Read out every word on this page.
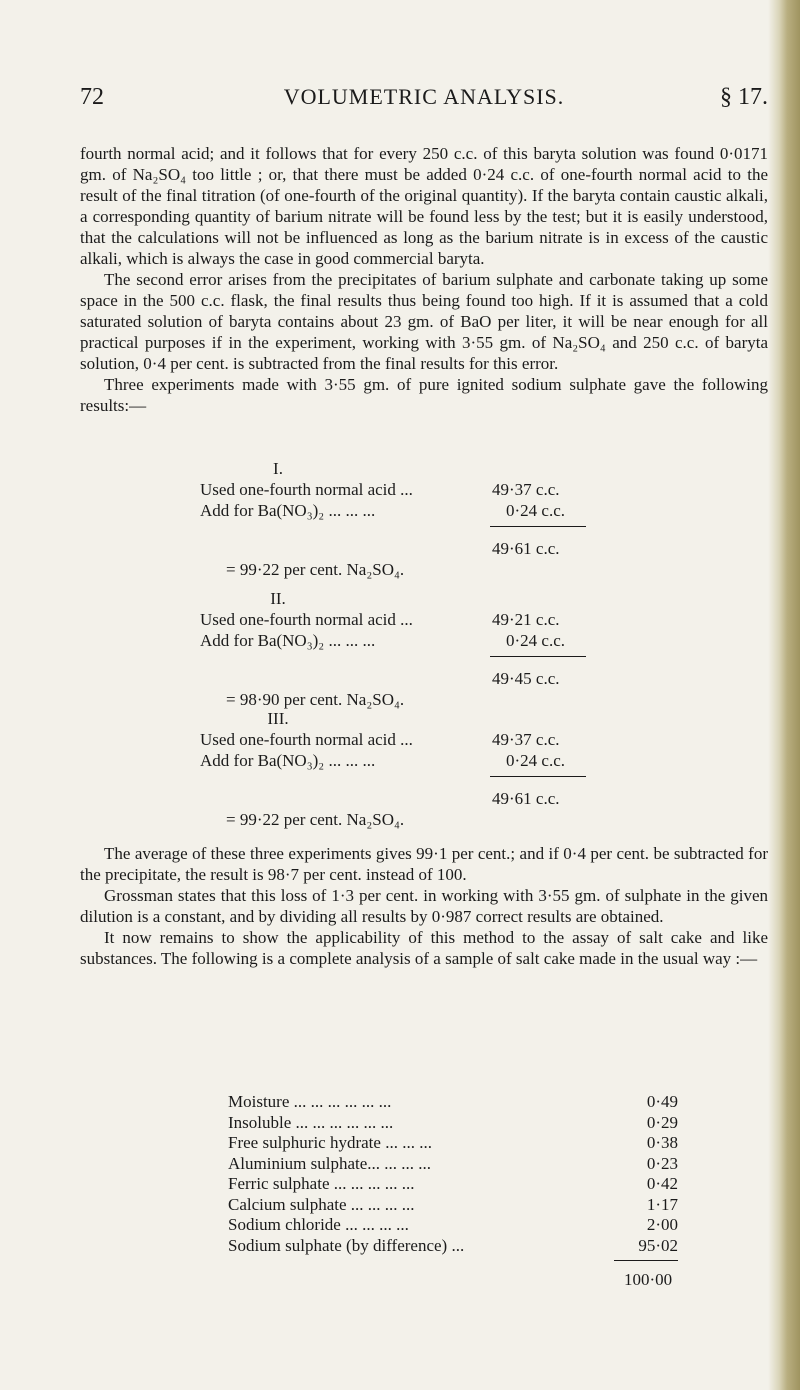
72	VOLUMETRIC ANALYSIS.	§ 17.

fourth normal acid; and it follows that for every 250 c.c. of this baryta solution was found 0·0171 gm. of Na₂SO₄ too little ; or, that there must be added 0·24 c.c. of one-fourth normal acid to the result of the final titration (of one-fourth of the original quantity). If the baryta contain caustic alkali, a corresponding quantity of barium nitrate will be found less by the test; but it is easily understood, that the calculations will not be influenced as long as the barium nitrate is in excess of the caustic alkali, which is always the case in good commercial baryta.

The second error arises from the precipitates of barium sulphate and carbonate taking up some space in the 500 c.c. flask, the final results thus being found too high. If it is assumed that a cold saturated solution of baryta contains about 23 gm. of BaO per liter, it will be near enough for all practical purposes if in the experiment, working with 3·55 gm. of Na₂SO₄ and 250 c.c. of baryta solution, 0·4 per cent. is subtracted from the final results for this error.

Three experiments made with 3·55 gm. of pure ignited sodium sulphate gave the following results:—

I.
Used one-fourth normal acid ...	49·37 c.c.
Add for Ba(NO₃)₂ ... ... ...	0·24 c.c.
49·61 c.c.
= 99·22 per cent. Na₂SO₄.
II.
Used one-fourth normal acid ...	49·21 c.c.
Add for Ba(NO₃)₂ ... ... ...	0·24 c.c.
49·45 c.c.
= 98·90 per cent. Na₂SO₄.
III.
Used one-fourth normal acid ...	49·37 c.c.
Add for Ba(NO₃)₂ ... ... ...	0·24 c.c.
49·61 c.c.
= 99·22 per cent. Na₂SO₄.

The average of these three experiments gives 99·1 per cent.; and if 0·4 per cent. be subtracted for the precipitate, the result is 98·7 per cent. instead of 100.

Grossman states that this loss of 1·3 per cent. in working with 3·55 gm. of sulphate in the given dilution is a constant, and by dividing all results by 0·987 correct results are obtained.

It now remains to show the applicability of this method to the assay of salt cake and like substances. The following is a complete analysis of a sample of salt cake made in the usual way :—

Moisture ... ... ... ... ... ...	0·49
Insoluble ... ... ... ... ... ...	0·29
Free sulphuric hydrate ... ... ...	0·38
Aluminium sulphate... ... ... ...	0·23
Ferric sulphate ... ... ... ... ...	0·42
Calcium sulphate ... ... ... ...	1·17
Sodium chloride ... ... ... ...	2·00
Sodium sulphate (by difference) ...	95·02
100·00
